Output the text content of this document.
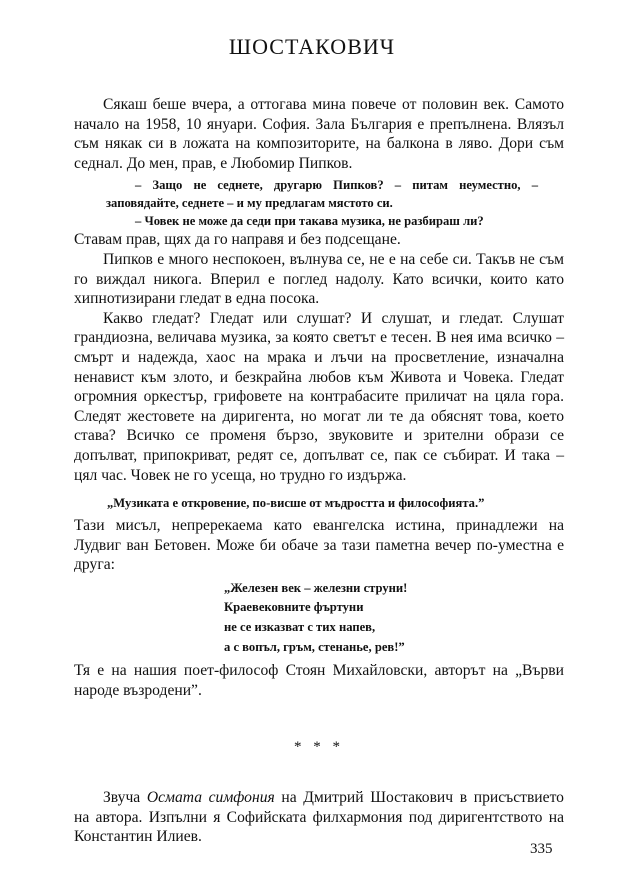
ШОСТАКОВИЧ

Сякаш беше вчера, а оттогава мина повече от половин век. Самото начало на 1958, 10 януари. София. Зала България е препълнена. Влязъл съм някак си в ложата на композиторите, на балкона в ляво. Дори съм седнал. До мен, прав, е Любомир Пипков.

– Защо не седнете, другарю Пипков? – питам неуместно, – заповядайте, седнете – и му предлагам мястото си.

– Човек не може да седи при такава музика, не разбираш ли?

Ставам прав, щях да го направя и без подсещане.

Пипков е много неспокоен, вълнува се, не е на себе си. Такъв не съм го виждал никога. Вперил е поглед надолу. Като всички, които като хипнотизирани гледат в една посока.

Какво гледат? Гледат или слушат? И слушат, и гледат. Слушат грандиозна, величава музика, за която светът е тесен. В нея има всичко – смърт и надежда, хаос на мрака и лъчи на просветление, изначална ненавист към злото, и безкрайна любов към Живота и Човека. Гледат огромния оркестър, грифовете на контрабасите приличат на цяла гора. Следят жестовете на диригента, но могат ли те да обяснят това, което става? Всичко се променя бързо, звуковите и зрителни образи се допълват, припокриват, редят се, допълват се, пак се събират. И така – цял час. Човек не го усеща, но трудно го издържа.

„Музиката е откровение, по-висше от мъдростта и философията.”

Тази мисъл, непререкаема като евангелска истина, принадлежи на Лудвиг ван Бетовен. Може би обаче за тази паметна вечер по-уместна е друга:

„Железен век – железни струни!
Краевековните фъртуни
не се изказват с тих напев,
а с вопъл, гръм, стенанье, рев!”

Тя е на нашия поет-философ Стоян Михайловски, авторът на „Върви народе възродени”.

* * *

Звуча Осмата симфония на Дмитрий Шостакович в присъствието на автора. Изпълни я Софийската филхармония под диригентството на Константин Илиев.

335
